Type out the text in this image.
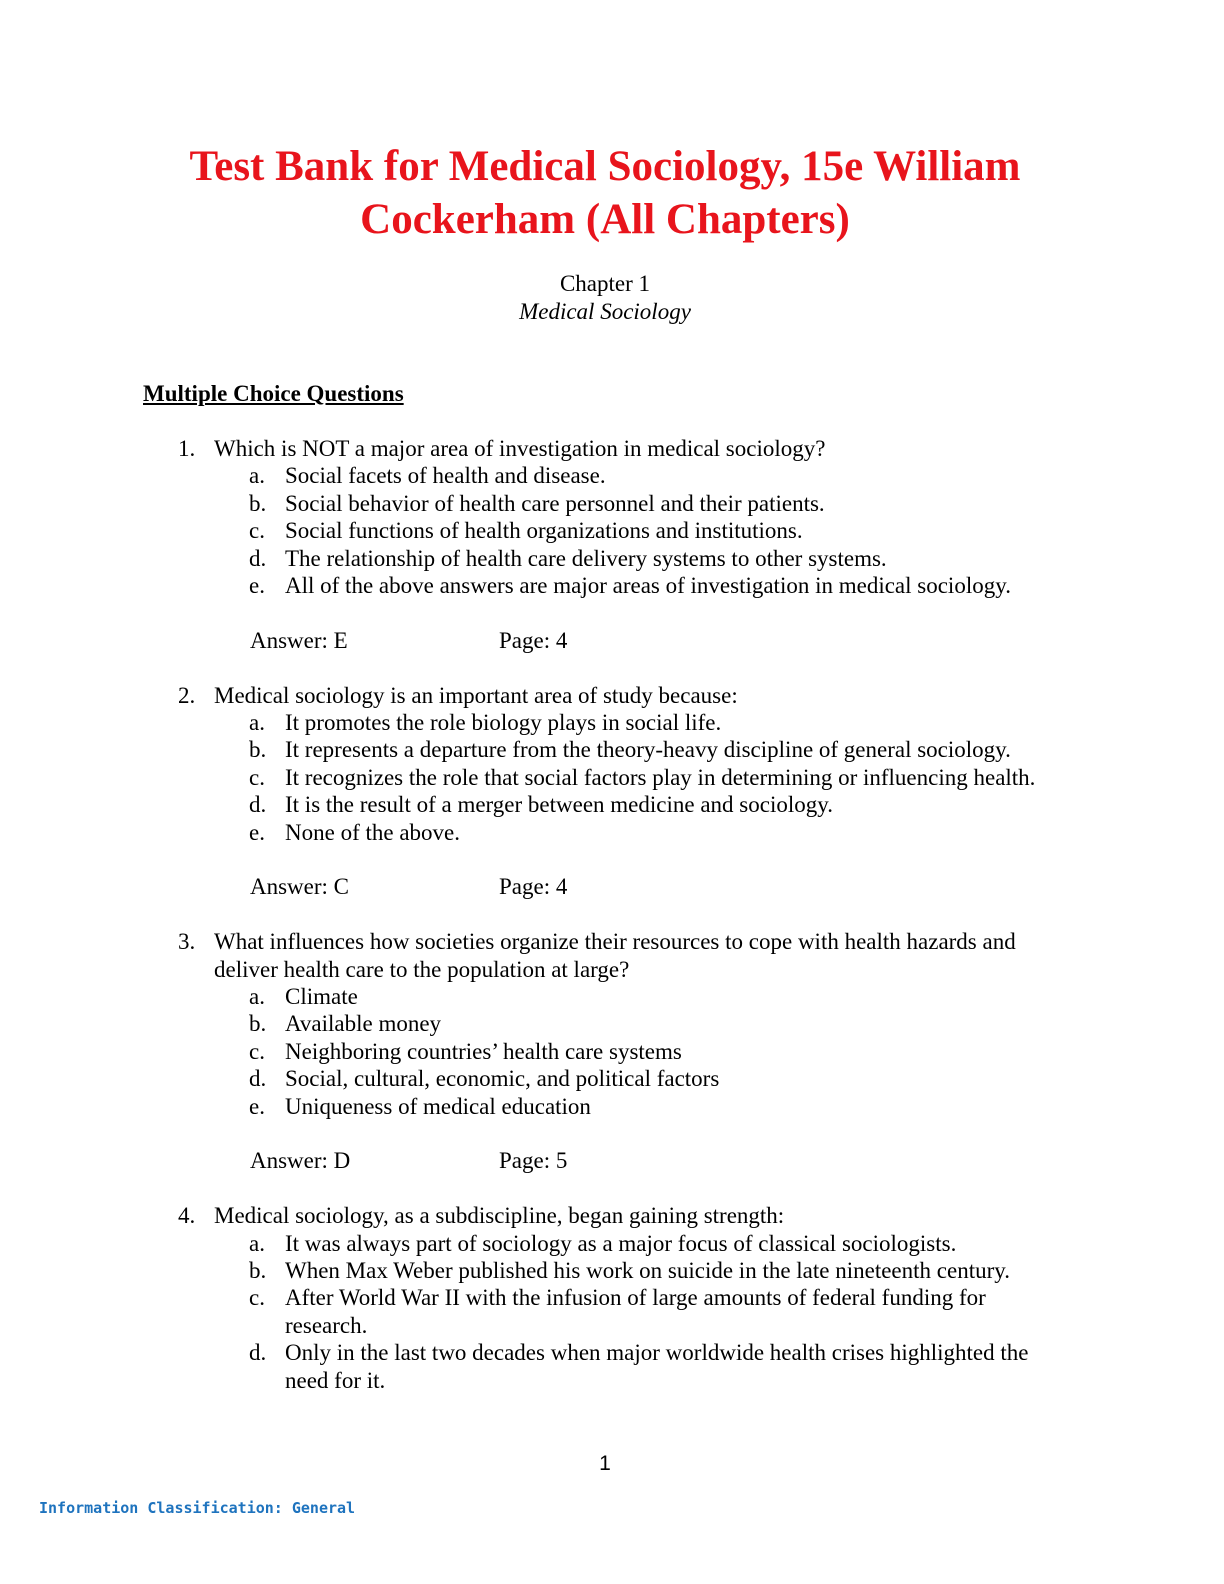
Test Bank for Medical Sociology, 15e William
Cockerham (All Chapters)
Chapter 1
Medical Sociology
Multiple Choice Questions
1. Which is NOT a major area of investigation in medical sociology?
a. Social facets of health and disease.
b. Social behavior of health care personnel and their patients.
c. Social functions of health organizations and institutions.
d. The relationship of health care delivery systems to other systems.
e. All of the above answers are major areas of investigation in medical sociology.
Answer: E	Page: 4
2. Medical sociology is an important area of study because:
a. It promotes the role biology plays in social life.
b. It represents a departure from the theory-heavy discipline of general sociology.
c. It recognizes the role that social factors play in determining or influencing health.
d. It is the result of a merger between medicine and sociology.
e. None of the above.
Answer: C	Page: 4
3. What influences how societies organize their resources to cope with health hazards and deliver health care to the population at large?
a. Climate
b. Available money
c. Neighboring countries’ health care systems
d. Social, cultural, economic, and political factors
e. Uniqueness of medical education
Answer: D	Page: 5
4. Medical sociology, as a subdiscipline, began gaining strength:
a. It was always part of sociology as a major focus of classical sociologists.
b. When Max Weber published his work on suicide in the late nineteenth century.
c. After World War II with the infusion of large amounts of federal funding for research.
d. Only in the last two decades when major worldwide health crises highlighted the need for it.
1
Information Classification: General
